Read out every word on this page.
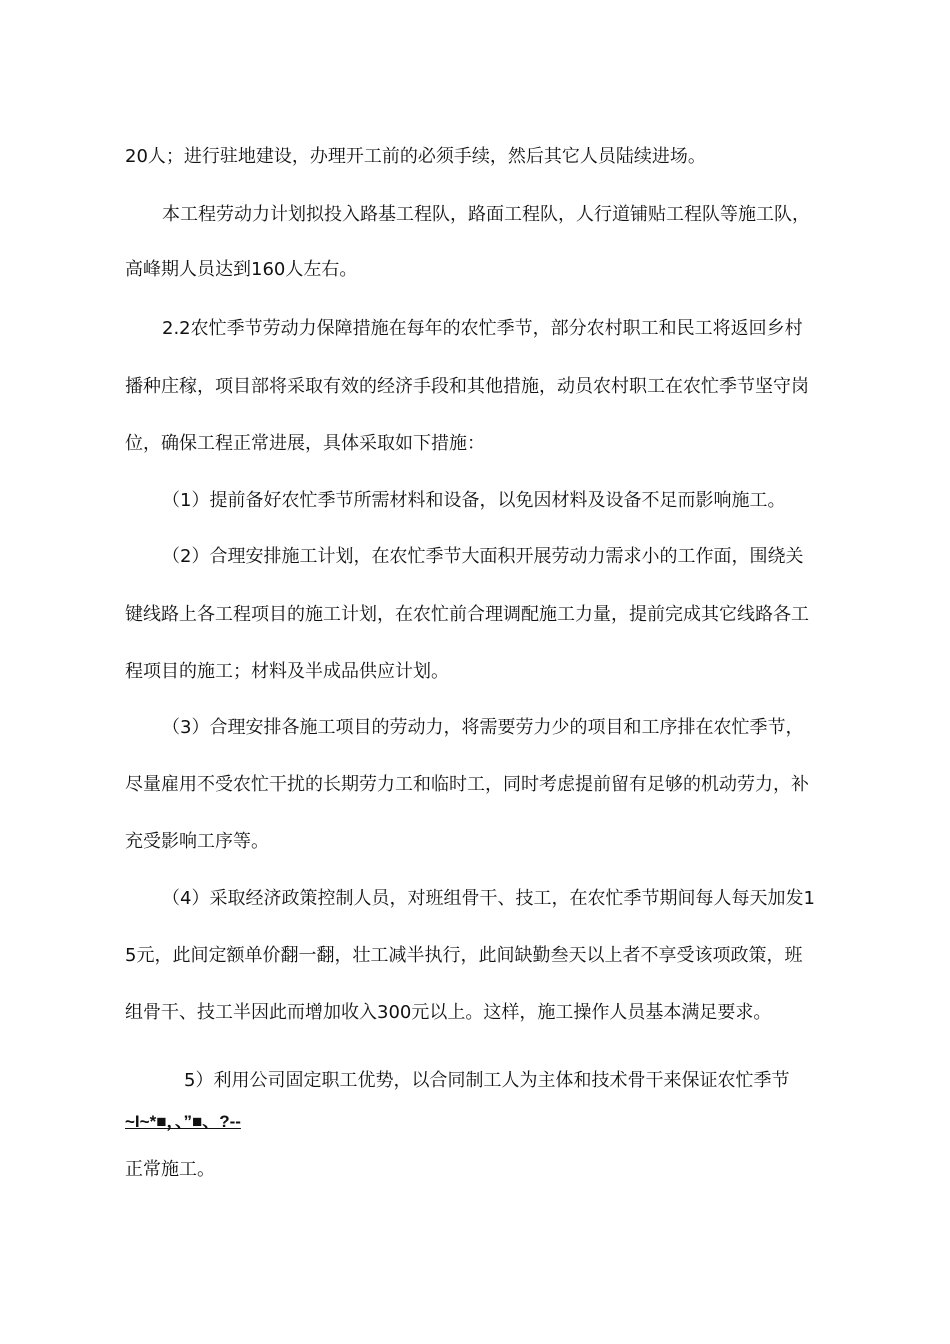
20人；进行驻地建设，办理开工前的必须手续，然后其它人员陆续进场。
本工程劳动力计划拟投入路基工程队，路面工程队，人行道铺贴工程队等施工队，
高峰期人员达到160人左右。
2.2农忙季节劳动力保障措施在每年的农忙季节，部分农村职工和民工将返回乡村
播种庄稼，项目部将采取有效的经济手段和其他措施，动员农村职工在农忙季节坚守岗
位，确保工程正常进展，具体采取如下措施：
（1）提前备好农忙季节所需材料和设备，以免因材料及设备不足而影响施工。
（2）合理安排施工计划，在农忙季节大面积开展劳动力需求小的工作面，围绕关
键线路上各工程项目的施工计划，在农忙前合理调配施工力量，提前完成其它线路各工
程项目的施工；材料及半成品供应计划。
（3）合理安排各施工项目的劳动力，将需要劳力少的项目和工序排在农忙季节，
尽量雇用不受农忙干扰的长期劳力工和临时工，同时考虑提前留有足够的机动劳力，补
充受影响工序等。
（4）采取经济政策控制人员，对班组骨干、技工，在农忙季节期间每人每天加发1
5元，此间定额单价翻一翻，壮工减半执行，此间缺勤叁天以上者不享受该项政策，班
组骨干、技工半因此而增加收入300元以上。这样，施工操作人员基本满足要求。
5）利用公司固定职工优势，以合同制工人为主体和技术骨干来保证农忙季节
~I~*■，、”■、?--
正常施工。
